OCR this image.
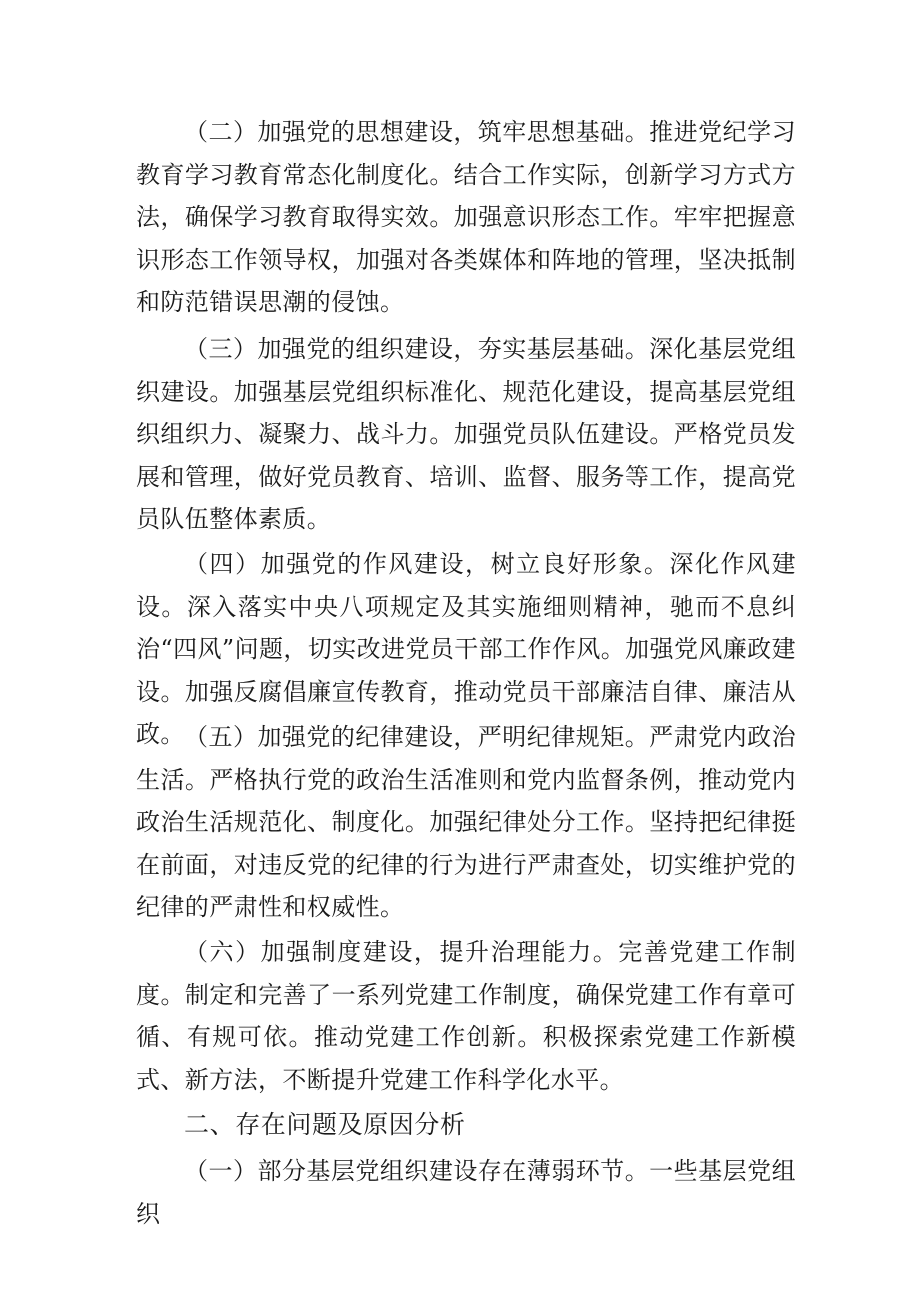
（二）加强党的思想建设，筑牢思想基础。推进党纪学习教育学习教育常态化制度化。结合工作实际，创新学习方式方法，确保学习教育取得实效。加强意识形态工作。牢牢把握意识形态工作领导权，加强对各类媒体和阵地的管理，坚决抵制和防范错误思潮的侵蚀。

（三）加强党的组织建设，夯实基层基础。深化基层党组织建设。加强基层党组织标准化、规范化建设，提高基层党组织组织力、凝聚力、战斗力。加强党员队伍建设。严格党员发展和管理，做好党员教育、培训、监督、服务等工作，提高党员队伍整体素质。

（四）加强党的作风建设，树立良好形象。深化作风建设。深入落实中央八项规定及其实施细则精神，驰而不息纠治“四风”问题，切实改进党员干部工作作风。加强党风廉政建设。加强反腐倡廉宣传教育，推动党员干部廉洁自律、廉洁从政。 （五）加强党的纪律建设，严明纪律规矩。严肃党内政治生活。严格执行党的政治生活准则和党内监督条例，推动党内政治生活规范化、制度化。加强纪律处分工作。坚持把纪律挺在前面，对违反党的纪律的行为进行严肃查处，切实维护党的纪律的严肃性和权威性。

（六）加强制度建设，提升治理能力。完善党建工作制度。制定和完善了一系列党建工作制度，确保党建工作有章可循、有规可依。推动党建工作创新。积极探索党建工作新模式、新方法，不断提升党建工作科学化水平。

二、存在问题及原因分析

（一）部分基层党组织建设存在薄弱环节。一些基层党组织
